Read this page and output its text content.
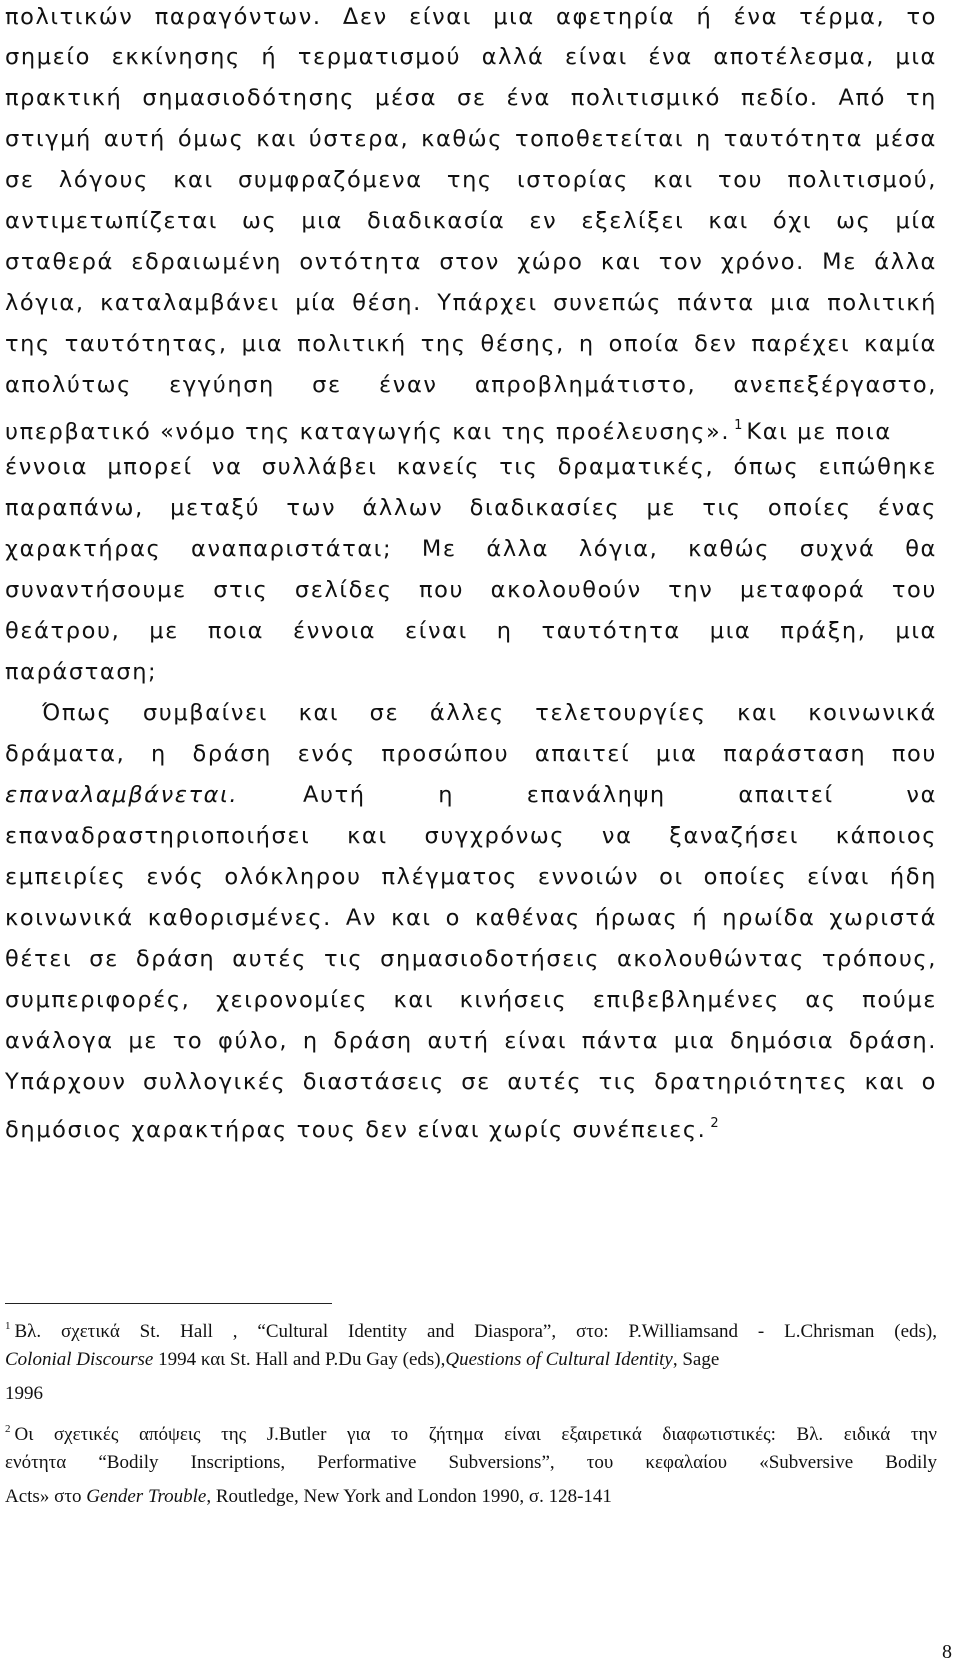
πολιτικών παραγόντων. Δεν είναι μια αφετηρία ή ένα τέρμα, το
σημείο εκκίνησης ή τερματισμού αλλά είναι ένα αποτέλεσμα, μια
πρακτική σημασιοδότησης μέσα σε ένα πολιτισμικό πεδίο. Από τη
στιγμή αυτή όμως και ύστερα, καθώς τοποθετείται η ταυτότητα μέσα
σε λόγους και συμφραζόμενα της ιστορίας και του πολιτισμού,
αντιμετωπίζεται ως μια διαδικασία εν εξελίξει και όχι ως μία
σταθερά εδραιωμένη οντότητα στον χώρο και τον χρόνο. Με άλλα
λόγια, καταλαμβάνει μία θέση. Υπάρχει συνεπώς πάντα μια πολιτική
της ταυτότητας, μια πολιτική της θέσης, η οποία δεν παρέχει καμία
απολύτως εγγύηση σε έναν απροβλημάτιστο, ανεπεξέργαστο,
υπερβατικό «νόμο της καταγωγής και της προέλευσης». $^1$ Και με ποια
έννοια μπορεί να συλλάβει κανείς τις δραματικές, όπως ειπώθηκε
παραπάνω, μεταξύ των άλλων διαδικασίες με τις οποίες ένας
χαρακτήρας αναπαριστάται; Με άλλα λόγια, καθώς συχνά θα
συναντήσουμε στις σελίδες που ακολουθούν την μεταφορά του
θεάτρου, με ποια έννοια είναι η ταυτότητα μια πράξη, μια
παράσταση;
Όπως συμβαίνει και σε άλλες τελετουργίες και κοινωνικά
δράματα, η δράση ενός προσώπου απαιτεί μια παράσταση που
επαναλαμβάνεται.	Αυτή η επανάληψη απαιτεί να
επαναδραστηριοποιήσει και συγχρόνως να ξαναζήσει κάποιος
εμπειρίες ενός ολόκληρου πλέγματος εννοιών οι οποίες είναι ήδη
κοινωνικά καθορισμένες. Αν και ο καθένας ήρωας ή ηρωίδα χωριστά
θέτει σε δράση αυτές τις σημασιοδοτήσεις ακολουθώντας τρόπους,
συμπεριφορές, χειρονομίες και κινήσεις επιβεβλημένες ας πούμε
ανάλογα με το φύλο, η δράση αυτή είναι πάντα μια δημόσια δράση.
Υπάρχουν συλλογικές διαστάσεις σε αυτές τις δρατηριότητες και ο
δημόσιος χαρακτήρας τους δεν είναι χωρίς συνέπειες. $^2$
$^1$ Βλ. σχετικά St. Hall , “Cultural Identity and Diaspora”, στο: P.Williamsand - L.Chrisman (eds),
Colonial Discourse 1994 και St. Hall and P.Du Gay (eds),Questions of Cultural Identity, Sage
1996
$^2$ Οι σχετικές απόψεις της J.Butler για το ζήτημα είναι εξαιρετικά διαφωτιστικές: Βλ. ειδικά την
ενότητα “Bodily Inscriptions, Performative Subversions”, του κεφαλαίου «Subversive Bodily
Acts» στο Gender Trouble, Routledge, New York and London 1990, σ. 128-141
8
